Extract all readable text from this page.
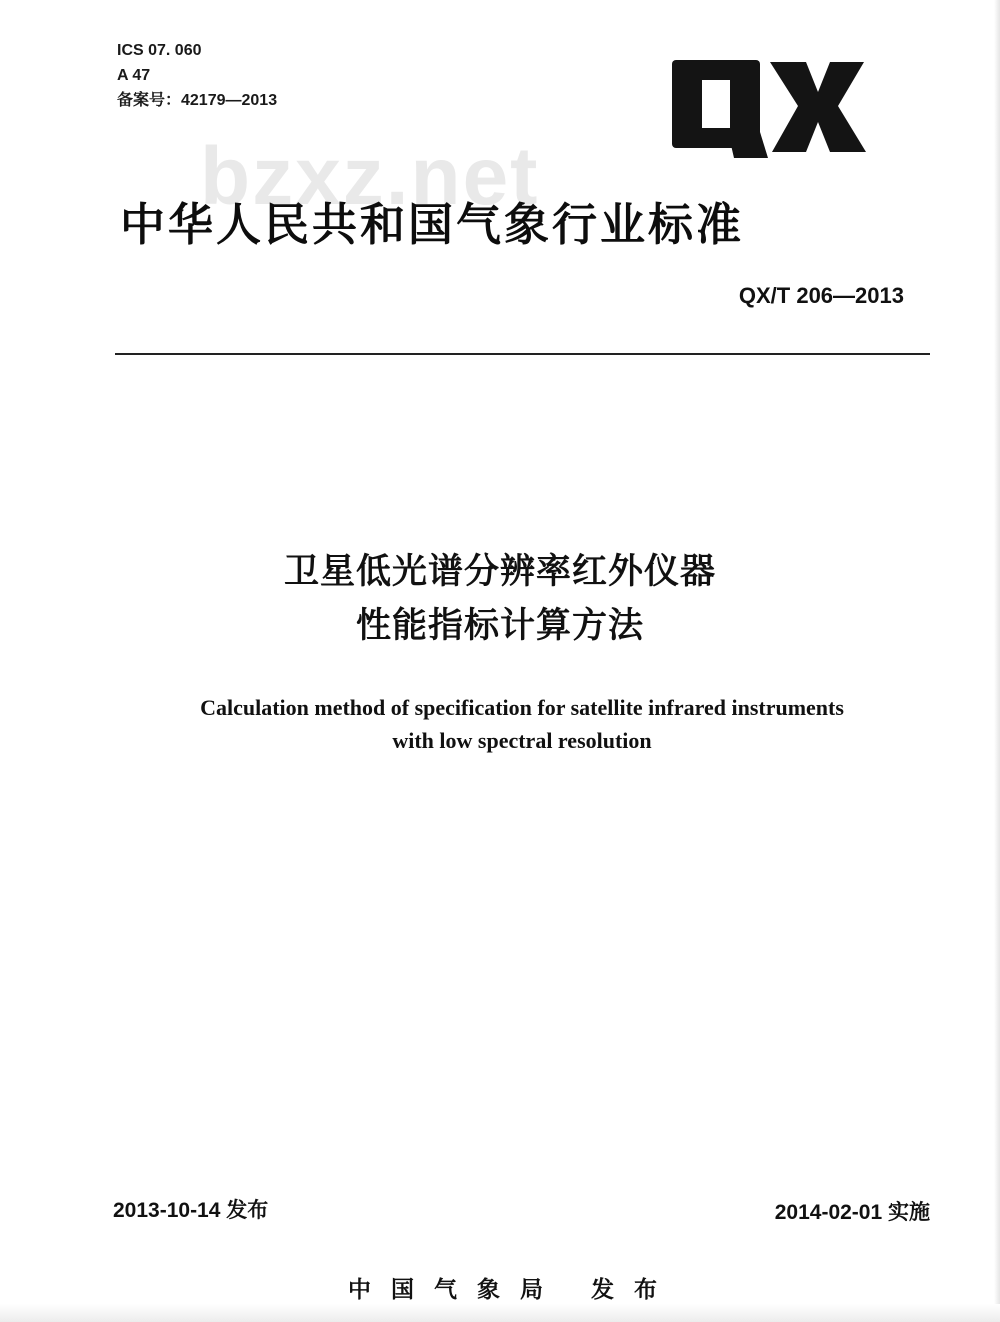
ICS 07. 060
A 47
备案号：42179—2013
bzxz.net
中华人民共和国气象行业标准
QX/T 206—2013
卫星低光谱分辨率红外仪器
性能指标计算方法
Calculation method of specification for satellite infrared instruments
with low spectral resolution
2013-10-14 发布	2014-02-01 实施
中国气象局 发布
